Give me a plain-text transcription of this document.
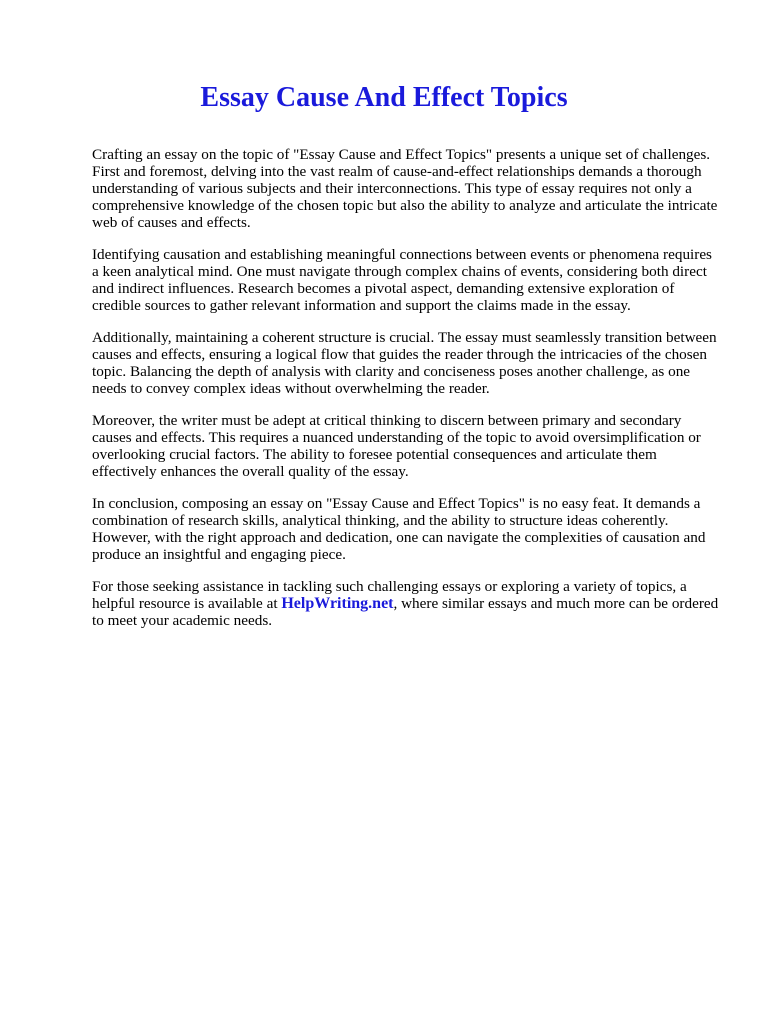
Essay Cause And Effect Topics

Crafting an essay on the topic of "Essay Cause and Effect Topics" presents a unique set of challenges. First and foremost, delving into the vast realm of cause-and-effect relationships demands a thorough understanding of various subjects and their interconnections. This type of essay requires not only a comprehensive knowledge of the chosen topic but also the ability to analyze and articulate the intricate web of causes and effects.

Identifying causation and establishing meaningful connections between events or phenomena requires a keen analytical mind. One must navigate through complex chains of events, considering both direct and indirect influences. Research becomes a pivotal aspect, demanding extensive exploration of credible sources to gather relevant information and support the claims made in the essay.

Additionally, maintaining a coherent structure is crucial. The essay must seamlessly transition between causes and effects, ensuring a logical flow that guides the reader through the intricacies of the chosen topic. Balancing the depth of analysis with clarity and conciseness poses another challenge, as one needs to convey complex ideas without overwhelming the reader.

Moreover, the writer must be adept at critical thinking to discern between primary and secondary causes and effects. This requires a nuanced understanding of the topic to avoid oversimplification or overlooking crucial factors. The ability to foresee potential consequences and articulate them effectively enhances the overall quality of the essay.

In conclusion, composing an essay on "Essay Cause and Effect Topics" is no easy feat. It demands a combination of research skills, analytical thinking, and the ability to structure ideas coherently. However, with the right approach and dedication, one can navigate the complexities of causation and produce an insightful and engaging piece.

For those seeking assistance in tackling such challenging essays or exploring a variety of topics, a helpful resource is available at HelpWriting.net, where similar essays and much more can be ordered to meet your academic needs.
